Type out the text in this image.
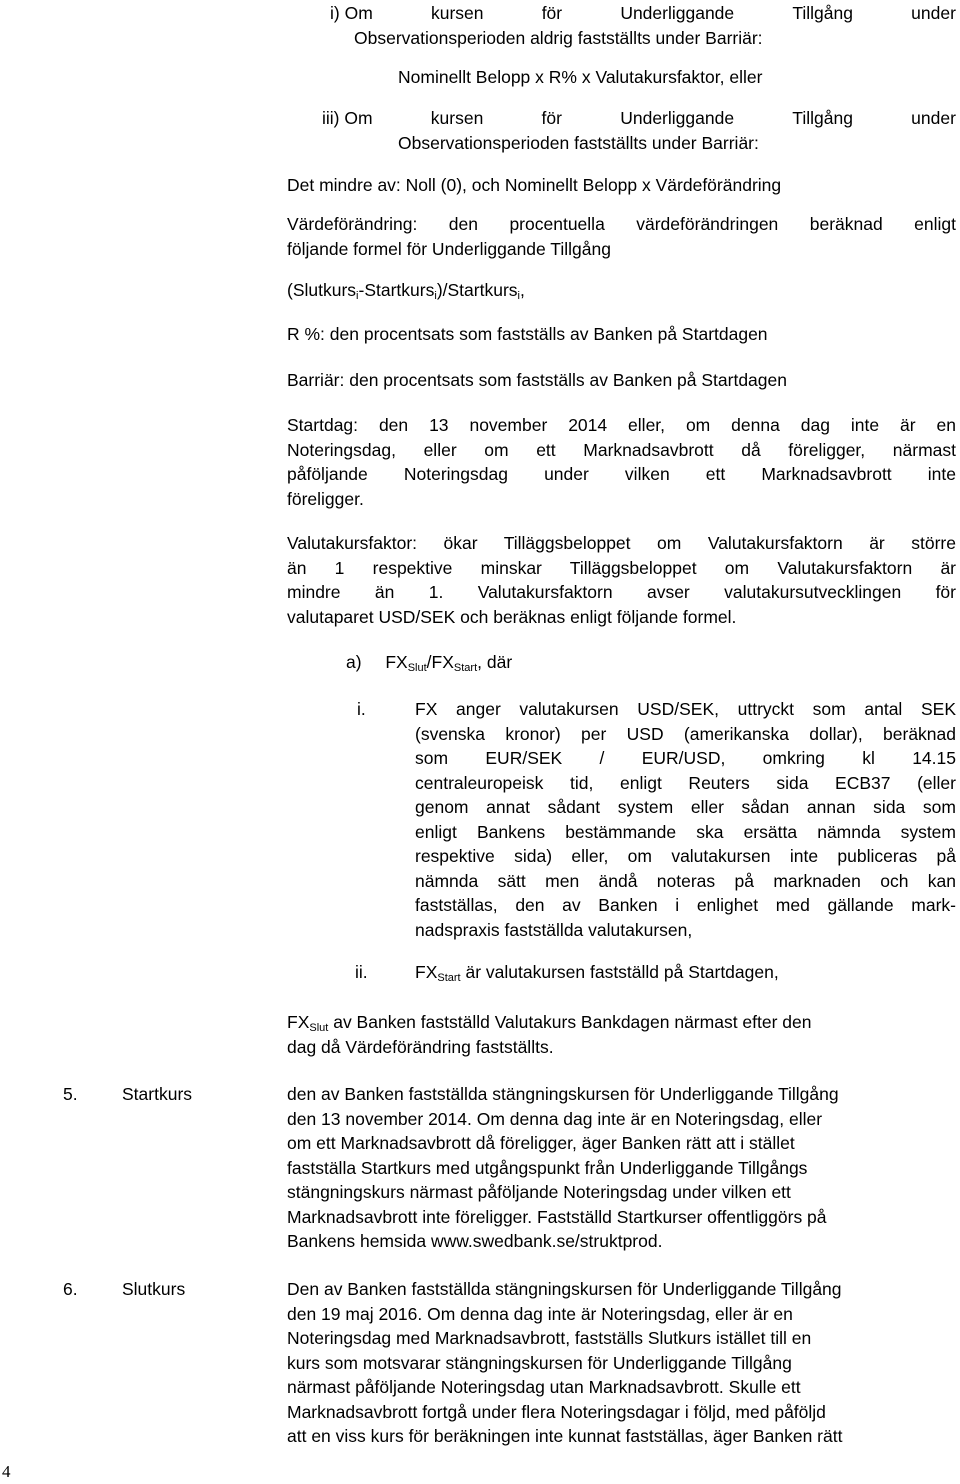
i) Om	kursen	för	Underliggande	Tillgång	under
Observationsperioden aldrig fastställts under Barriär:
Nominellt Belopp x R% x Valutakursfaktor, eller
iii) Om	kursen	för	Underliggande	Tillgång	under
Observationsperioden fastställts under Barriär:
Det mindre av: Noll (0), och Nominellt Belopp x Värdeförändring
Värdeförändring: den procentuella värdeförändringen beräknad enligt
följande formel för Underliggande Tillgång
(Slutkurs$_i$-Startkurs$_i$)/Startkurs$_i$,
R %: den procentsats som fastställs av Banken på Startdagen
Barriär: den procentsats som fastställs av Banken på Startdagen
Startdag: den 13 november 2014 eller, om denna dag inte är en
Noteringsdag, eller om ett Marknadsavbrott då föreligger, närmast
påföljande Noteringsdag under vilken ett Marknadsavbrott inte
föreligger.
Valutakursfaktor: ökar Tilläggsbeloppet om Valutakursfaktorn är större
än 1 respektive minskar Tilläggsbeloppet om Valutakursfaktorn är
mindre än 1. Valutakursfaktorn avser valutakursutvecklingen för
valutaparet USD/SEK och beräknas enligt följande formel.
a) $FX_{Slut}/FX_{Start}$, där
i.	FX anger valutakursen USD/SEK, uttryckt som antal SEK
(svenska kronor) per USD (amerikanska dollar), beräknad
som EUR/SEK / EUR/USD, omkring kl 14.15
centraleuropeisk tid, enligt Reuters sida ECB37 (eller
genom annat sådant system eller sådan annan sida som
enligt Bankens bestämmande ska ersätta nämnda system
respektive sida) eller, om valutakursen inte publiceras på
nämnda sätt men ändå noteras på marknaden och kan
fastställas, den av Banken i enlighet med gällande mark-
nadspraxis fastställda valutakursen,
ii.	$FX_{Start}$ är valutakursen fastställd på Startdagen,
$FX_{Slut}$ av Banken fastställd Valutakurs Bankdagen närmast efter den
dag då Värdeförändring fastställts.
5.	Startkurs	den av Banken fastställda stängningskursen för Underliggande Tillgång
den 13 november 2014. Om denna dag inte är en Noteringsdag, eller
om ett Marknadsavbrott då föreligger, äger Banken rätt att i stället
fastställa Startkurs med utgångspunkt från Underliggande Tillgångs
stängningskurs närmast påföljande Noteringsdag under vilken ett
Marknadsavbrott inte föreligger. Fastställd Startkurser offentliggörs på
Bankens hemsida www.swedbank.se/struktprod.
6.	Slutkurs	Den av Banken fastställda stängningskursen för Underliggande Tillgång
den 19 maj 2016. Om denna dag inte är Noteringsdag, eller är en
Noteringsdag med Marknadsavbrott, fastställs Slutkurs istället till en
kurs som motsvarar stängningskursen för Underliggande Tillgång
närmast påföljande Noteringsdag utan Marknadsavbrott. Skulle ett
Marknadsavbrott fortgå under flera Noteringsdagar i följd, med påföljd
att en viss kurs för beräkningen inte kunnat fastställas, äger Banken rätt
4
